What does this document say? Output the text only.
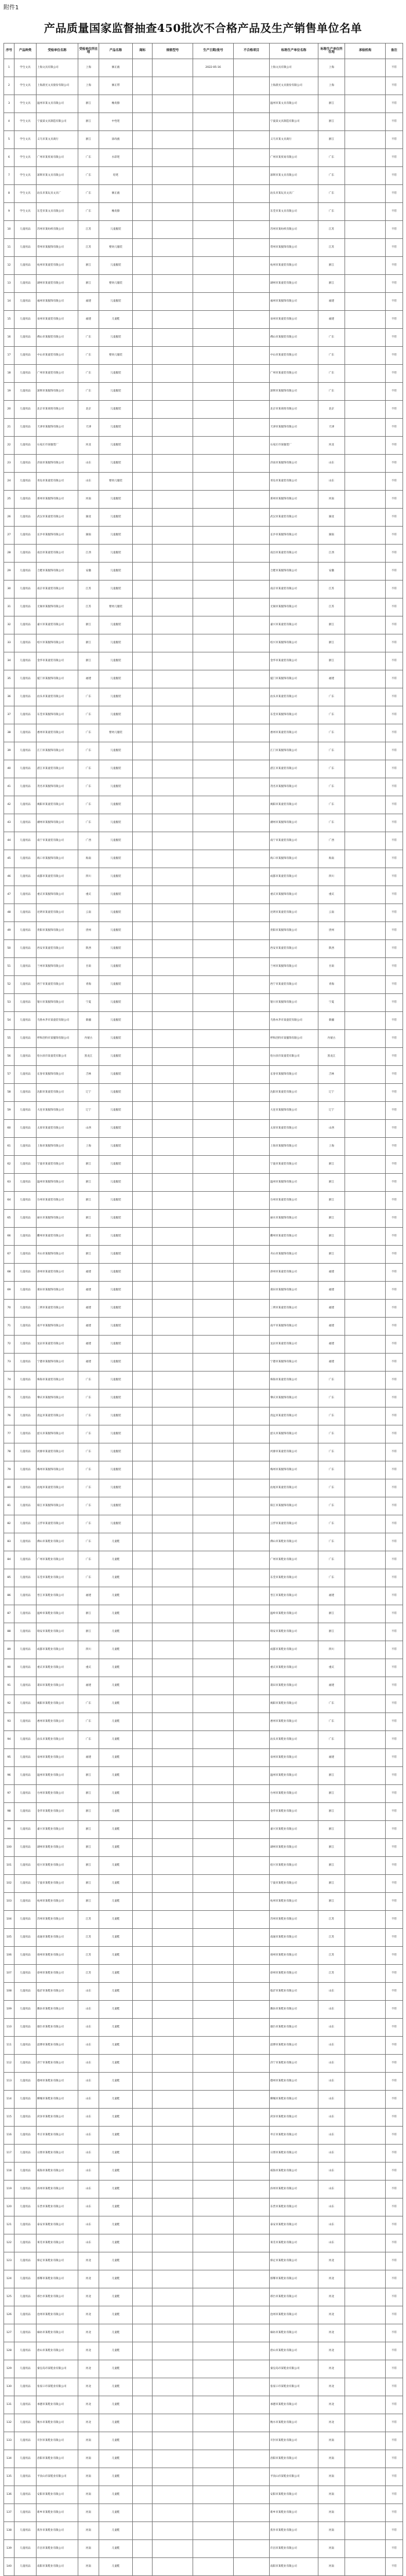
附件1
产品质量国家监督抽查450批次不合格产品及生产销售单位名单
序号	产品种类	受检单位名称	受检单位所在地	产品名称	商标	规格型号	生产日期/批号	不合格项目	标称生产单位名称	标称生产单位所在地	承检机构	备注
1	学生文具	上海文具有限公司	上海	修正液			2022-05-16		上海文具有限公司	上海		不符
2	学生文具	上海晨光文具股份有限公司	上海	修正带					上海晨光文具股份有限公司	上海		不符
3	学生文具	温州市某文具有限公司	浙江	橡皮擦					温州市某文具有限公司	浙江		不符
4	学生文具	宁波某文具制造有限公司	浙江	中性笔					宁波某文具制造有限公司	浙江		不符
5	学生文具	义乌市某文具商行	浙江	涂改液					义乌市某文具商行	浙江		不符
6	学生文具	广州市某贸易有限公司	广东	水彩笔					广州市某贸易有限公司	广东		不符
7	学生文具	深圳市某文具有限公司	广东	铅笔					深圳市某文具有限公司	广东		不符
8	学生文具	汕头市某玩具文具厂	广东	修正液					汕头市某玩具文具厂	广东		不符
9	学生文具	东莞市某文具有限公司	广东	橡皮擦					东莞市某文具有限公司	广东		不符
10	儿童用品	苏州市某纺织有限公司	江苏	儿童服装					苏州市某纺织有限公司	江苏		不符
11	儿童用品	常州市某服饰有限公司	江苏	婴幼儿服装					常州市某服饰有限公司	江苏		不符
12	儿童用品	杭州市某童装有限公司	浙江	儿童服装					杭州市某童装有限公司	浙江		不符
13	儿童用品	湖州市某童装有限公司	浙江	婴幼儿服装					湖州市某童装有限公司	浙江		不符
14	儿童用品	福州市某服饰有限公司	福建	儿童服装					福州市某服饰有限公司	福建		不符
15	儿童用品	泉州市某童装有限公司	福建	儿童鞋					泉州市某童装有限公司	福建		不符
16	儿童用品	佛山市某服装有限公司	广东	儿童服装					佛山市某服装有限公司	广东		不符
17	儿童用品	中山市某童装有限公司	广东	婴幼儿服装					中山市某童装有限公司	广东		不符
18	儿童用品	广州市某童装有限公司	广东	儿童服装					广州市某童装有限公司	广东		不符
19	儿童用品	深圳市某服饰有限公司	广东	儿童服装					深圳市某服饰有限公司	广东		不符
20	儿童用品	北京市某商贸有限公司	北京	儿童服装					北京市某商贸有限公司	北京		不符
21	儿童用品	天津市某服饰有限公司	天津	儿童服装					天津市某服饰有限公司	天津		不符
22	儿童用品	石家庄市某服装厂	河北	儿童服装					石家庄市某服装厂	河北		不符
23	儿童用品	济南市某服饰有限公司	山东	儿童服装					济南市某服饰有限公司	山东		不符
24	儿童用品	青岛市某童装有限公司	山东	婴幼儿服装					青岛市某童装有限公司	山东		不符
25	儿童用品	郑州市某服饰有限公司	河南	儿童服装					郑州市某服饰有限公司	河南		不符
26	儿童用品	武汉市某童装有限公司	湖北	儿童服装					武汉市某童装有限公司	湖北		不符
27	儿童用品	长沙市某服饰有限公司	湖南	儿童服装					长沙市某服饰有限公司	湖南		不符
28	儿童用品	南昌市某童装有限公司	江西	儿童服装					南昌市某童装有限公司	江西		不符
29	儿童用品	合肥市某服饰有限公司	安徽	儿童服装					合肥市某服饰有限公司	安徽		不符
30	儿童用品	南京市某童装有限公司	江苏	儿童服装					南京市某童装有限公司	江苏		不符
31	儿童用品	无锡市某服饰有限公司	江苏	婴幼儿服装					无锡市某服饰有限公司	江苏		不符
32	儿童用品	嘉兴市某童装有限公司	浙江	儿童服装					嘉兴市某童装有限公司	浙江		不符
33	儿童用品	绍兴市某服饰有限公司	浙江	儿童服装					绍兴市某服饰有限公司	浙江		不符
34	儿童用品	金华市某童装有限公司	浙江	儿童服装					金华市某童装有限公司	浙江		不符
35	儿童用品	厦门市某服饰有限公司	福建	儿童服装					厦门市某服饰有限公司	福建		不符
36	儿童用品	汕头市某童装有限公司	广东	儿童服装					汕头市某童装有限公司	广东		不符
37	儿童用品	东莞市某服饰有限公司	广东	儿童服装					东莞市某服饰有限公司	广东		不符
38	儿童用品	惠州市某童装有限公司	广东	婴幼儿服装					惠州市某童装有限公司	广东		不符
39	儿童用品	江门市某服饰有限公司	广东	儿童服装					江门市某服饰有限公司	广东		不符
40	儿童用品	湛江市某童装有限公司	广东	儿童服装					湛江市某童装有限公司	广东		不符
41	儿童用品	茂名市某服饰有限公司	广东	儿童服装					茂名市某服饰有限公司	广东		不符
42	儿童用品	揭阳市某童装有限公司	广东	儿童服装					揭阳市某童装有限公司	广东		不符
43	儿童用品	潮州市某服饰有限公司	广东	儿童服装					潮州市某服饰有限公司	广东		不符
44	儿童用品	南宁市某童装有限公司	广西	儿童服装					南宁市某童装有限公司	广西		不符
45	儿童用品	海口市某服饰有限公司	海南	儿童服装					海口市某服饰有限公司	海南		不符
46	儿童用品	成都市某童装有限公司	四川	儿童服装					成都市某童装有限公司	四川		不符
47	儿童用品	重庆市某服饰有限公司	重庆	儿童服装					重庆市某服饰有限公司	重庆		不符
48	儿童用品	昆明市某童装有限公司	云南	儿童服装					昆明市某童装有限公司	云南		不符
49	儿童用品	贵阳市某服饰有限公司	贵州	儿童服装					贵阳市某服饰有限公司	贵州		不符
50	儿童用品	西安市某童装有限公司	陕西	儿童服装					西安市某童装有限公司	陕西		不符
51	儿童用品	兰州市某服饰有限公司	甘肃	儿童服装					兰州市某服饰有限公司	甘肃		不符
52	儿童用品	西宁市某童装有限公司	青海	儿童服装					西宁市某童装有限公司	青海		不符
53	儿童用品	银川市某服饰有限公司	宁夏	儿童服装					银川市某服饰有限公司	宁夏		不符
54	儿童用品	乌鲁木齐市某童装有限公司	新疆	儿童服装					乌鲁木齐市某童装有限公司	新疆		不符
55	儿童用品	呼和浩特市某服饰有限公司	内蒙古	儿童服装					呼和浩特市某服饰有限公司	内蒙古		不符
56	儿童用品	哈尔滨市某童装有限公司	黑龙江	儿童服装					哈尔滨市某童装有限公司	黑龙江		不符
57	儿童用品	长春市某服饰有限公司	吉林	儿童服装					长春市某服饰有限公司	吉林		不符
58	儿童用品	沈阳市某童装有限公司	辽宁	儿童服装					沈阳市某童装有限公司	辽宁		不符
59	儿童用品	大连市某服饰有限公司	辽宁	儿童服装					大连市某服饰有限公司	辽宁		不符
60	儿童用品	太原市某童装有限公司	山西	儿童服装					太原市某童装有限公司	山西		不符
61	儿童用品	上海市某服饰有限公司	上海	儿童服装					上海市某服饰有限公司	上海		不符
62	儿童用品	宁波市某童装有限公司	浙江	儿童服装					宁波市某童装有限公司	浙江		不符
63	儿童用品	温州市某服饰有限公司	浙江	儿童服装					温州市某服饰有限公司	浙江		不符
64	儿童用品	台州市某童装有限公司	浙江	儿童服装					台州市某童装有限公司	浙江		不符
65	儿童用品	丽水市某服饰有限公司	浙江	儿童服装					丽水市某服饰有限公司	浙江		不符
66	儿童用品	衢州市某童装有限公司	浙江	儿童服装					衢州市某童装有限公司	浙江		不符
67	儿童用品	舟山市某服饰有限公司	浙江	儿童服装					舟山市某服饰有限公司	浙江		不符
68	儿童用品	漳州市某童装有限公司	福建	儿童服装					漳州市某童装有限公司	福建		不符
69	儿童用品	莆田市某服饰有限公司	福建	儿童服装					莆田市某服饰有限公司	福建		不符
70	儿童用品	三明市某童装有限公司	福建	儿童服装					三明市某童装有限公司	福建		不符
71	儿童用品	南平市某服饰有限公司	福建	儿童服装					南平市某服饰有限公司	福建		不符
72	儿童用品	龙岩市某童装有限公司	福建	儿童服装					龙岩市某童装有限公司	福建		不符
73	儿童用品	宁德市某服饰有限公司	福建	儿童服装					宁德市某服饰有限公司	福建		不符
74	儿童用品	珠海市某童装有限公司	广东	儿童服装					珠海市某童装有限公司	广东		不符
75	儿童用品	肇庆市某服饰有限公司	广东	儿童服装					肇庆市某服饰有限公司	广东		不符
76	儿童用品	清远市某童装有限公司	广东	儿童服装					清远市某童装有限公司	广东		不符
77	儿童用品	韶关市某服饰有限公司	广东	儿童服装					韶关市某服饰有限公司	广东		不符
78	儿童用品	河源市某童装有限公司	广东	儿童服装					河源市某童装有限公司	广东		不符
79	儿童用品	梅州市某服饰有限公司	广东	儿童服装					梅州市某服饰有限公司	广东		不符
80	儿童用品	汕尾市某童装有限公司	广东	儿童服装					汕尾市某童装有限公司	广东		不符
81	儿童用品	阳江市某服饰有限公司	广东	儿童服装					阳江市某服饰有限公司	广东		不符
82	儿童用品	云浮市某童装有限公司	广东	儿童服装					云浮市某童装有限公司	广东		不符
83	儿童用品	佛山市某鞋业有限公司	广东	儿童鞋					佛山市某鞋业有限公司	广东		不符
84	儿童用品	广州市某鞋业有限公司	广东	儿童鞋					广州市某鞋业有限公司	广东		不符
85	儿童用品	东莞市某鞋业有限公司	广东	儿童鞋					东莞市某鞋业有限公司	广东		不符
86	儿童用品	晋江市某鞋业有限公司	福建	儿童鞋					晋江市某鞋业有限公司	福建		不符
87	儿童用品	温岭市某鞋业有限公司	浙江	儿童鞋					温岭市某鞋业有限公司	浙江		不符
88	儿童用品	瑞安市某鞋业有限公司	浙江	儿童鞋					瑞安市某鞋业有限公司	浙江		不符
89	儿童用品	成都市某鞋业有限公司	四川	儿童鞋					成都市某鞋业有限公司	四川		不符
90	儿童用品	重庆市某鞋业有限公司	重庆	儿童鞋					重庆市某鞋业有限公司	重庆		不符
91	儿童用品	莆田市某鞋业有限公司	福建	儿童鞋					莆田市某鞋业有限公司	福建		不符
92	儿童用品	揭阳市某鞋业有限公司	广东	儿童鞋					揭阳市某鞋业有限公司	广东		不符
93	儿童用品	惠州市某鞋业有限公司	广东	儿童鞋					惠州市某鞋业有限公司	广东		不符
94	儿童用品	汕头市某鞋业有限公司	广东	儿童鞋					汕头市某鞋业有限公司	广东		不符
95	儿童用品	泉州市某鞋业有限公司	福建	儿童鞋					泉州市某鞋业有限公司	福建		不符
96	儿童用品	温州市某鞋业有限公司	浙江	儿童鞋					温州市某鞋业有限公司	浙江		不符
97	儿童用品	台州市某鞋业有限公司	浙江	儿童鞋					台州市某鞋业有限公司	浙江		不符
98	儿童用品	金华市某鞋业有限公司	浙江	儿童鞋					金华市某鞋业有限公司	浙江		不符
99	儿童用品	嘉兴市某鞋业有限公司	浙江	儿童鞋					嘉兴市某鞋业有限公司	浙江		不符
100	儿童用品	湖州市某鞋业有限公司	浙江	儿童鞋					湖州市某鞋业有限公司	浙江		不符
101	儿童用品	绍兴市某鞋业有限公司	浙江	儿童鞋					绍兴市某鞋业有限公司	浙江		不符
102	儿童用品	宁波市某鞋业有限公司	浙江	儿童鞋					宁波市某鞋业有限公司	浙江		不符
103	儿童用品	杭州市某鞋业有限公司	浙江	儿童鞋					杭州市某鞋业有限公司	浙江		不符
104	儿童用品	苏州市某鞋业有限公司	江苏	儿童鞋					苏州市某鞋业有限公司	江苏		不符
105	儿童用品	南通市某鞋业有限公司	江苏	儿童鞋					南通市某鞋业有限公司	江苏		不符
106	儿童用品	扬州市某鞋业有限公司	江苏	儿童鞋					扬州市某鞋业有限公司	江苏		不符
107	儿童用品	徐州市某鞋业有限公司	江苏	儿童鞋					徐州市某鞋业有限公司	江苏		不符
108	儿童用品	临沂市某鞋业有限公司	山东	儿童鞋					临沂市某鞋业有限公司	山东		不符
109	儿童用品	潍坊市某鞋业有限公司	山东	儿童鞋					潍坊市某鞋业有限公司	山东		不符
110	儿童用品	烟台市某鞋业有限公司	山东	儿童鞋					烟台市某鞋业有限公司	山东		不符
111	儿童用品	淄博市某鞋业有限公司	山东	儿童鞋					淄博市某鞋业有限公司	山东		不符
112	儿童用品	济宁市某鞋业有限公司	山东	儿童鞋					济宁市某鞋业有限公司	山东		不符
113	儿童用品	德州市某鞋业有限公司	山东	儿童鞋					德州市某鞋业有限公司	山东		不符
114	儿童用品	聊城市某鞋业有限公司	山东	儿童鞋					聊城市某鞋业有限公司	山东		不符
115	儿童用品	菏泽市某鞋业有限公司	山东	儿童鞋					菏泽市某鞋业有限公司	山东		不符
116	儿童用品	枣庄市某鞋业有限公司	山东	儿童鞋					枣庄市某鞋业有限公司	山东		不符
117	儿童用品	日照市某鞋业有限公司	山东	儿童鞋					日照市某鞋业有限公司	山东		不符
118	儿童用品	威海市某鞋业有限公司	山东	儿童鞋					威海市某鞋业有限公司	山东		不符
119	儿童用品	滨州市某鞋业有限公司	山东	儿童鞋					滨州市某鞋业有限公司	山东		不符
120	儿童用品	东营市某鞋业有限公司	山东	儿童鞋					东营市某鞋业有限公司	山东		不符
121	儿童用品	泰安市某鞋业有限公司	山东	儿童鞋					泰安市某鞋业有限公司	山东		不符
122	儿童用品	莱芜市某鞋业有限公司	山东	儿童鞋					莱芜市某鞋业有限公司	山东		不符
123	儿童用品	保定市某鞋业有限公司	河北	儿童鞋					保定市某鞋业有限公司	河北		不符
124	儿童用品	邯郸市某鞋业有限公司	河北	儿童鞋					邯郸市某鞋业有限公司	河北		不符
125	儿童用品	邢台市某鞋业有限公司	河北	儿童鞋					邢台市某鞋业有限公司	河北		不符
126	儿童用品	沧州市某鞋业有限公司	河北	儿童鞋					沧州市某鞋业有限公司	河北		不符
127	儿童用品	廊坊市某鞋业有限公司	河北	儿童鞋					廊坊市某鞋业有限公司	河北		不符
128	儿童用品	唐山市某鞋业有限公司	河北	儿童鞋					唐山市某鞋业有限公司	河北		不符
129	儿童用品	秦皇岛市某鞋业有限公司	河北	儿童鞋					秦皇岛市某鞋业有限公司	河北		不符
130	儿童用品	张家口市某鞋业有限公司	河北	儿童鞋					张家口市某鞋业有限公司	河北		不符
131	儿童用品	承德市某鞋业有限公司	河北	儿童鞋					承德市某鞋业有限公司	河北		不符
132	儿童用品	衡水市某鞋业有限公司	河北	儿童鞋					衡水市某鞋业有限公司	河北		不符
133	儿童用品	开封市某鞋业有限公司	河南	儿童鞋					开封市某鞋业有限公司	河南		不符
134	儿童用品	洛阳市某鞋业有限公司	河南	儿童鞋					洛阳市某鞋业有限公司	河南		不符
135	儿童用品	平顶山市某鞋业有限公司	河南	儿童鞋					平顶山市某鞋业有限公司	河南		不符
136	儿童用品	安阳市某鞋业有限公司	河南	儿童鞋					安阳市某鞋业有限公司	河南		不符
137	儿童用品	新乡市某鞋业有限公司	河南	儿童鞋					新乡市某鞋业有限公司	河南		不符
138	儿童用品	焦作市某鞋业有限公司	河南	儿童鞋					焦作市某鞋业有限公司	河南		不符
139	儿童用品	许昌市某鞋业有限公司	河南	儿童鞋					许昌市某鞋业有限公司	河南		不符
140	儿童用品	南阳市某鞋业有限公司	河南	儿童鞋					南阳市某鞋业有限公司	河南		不符
